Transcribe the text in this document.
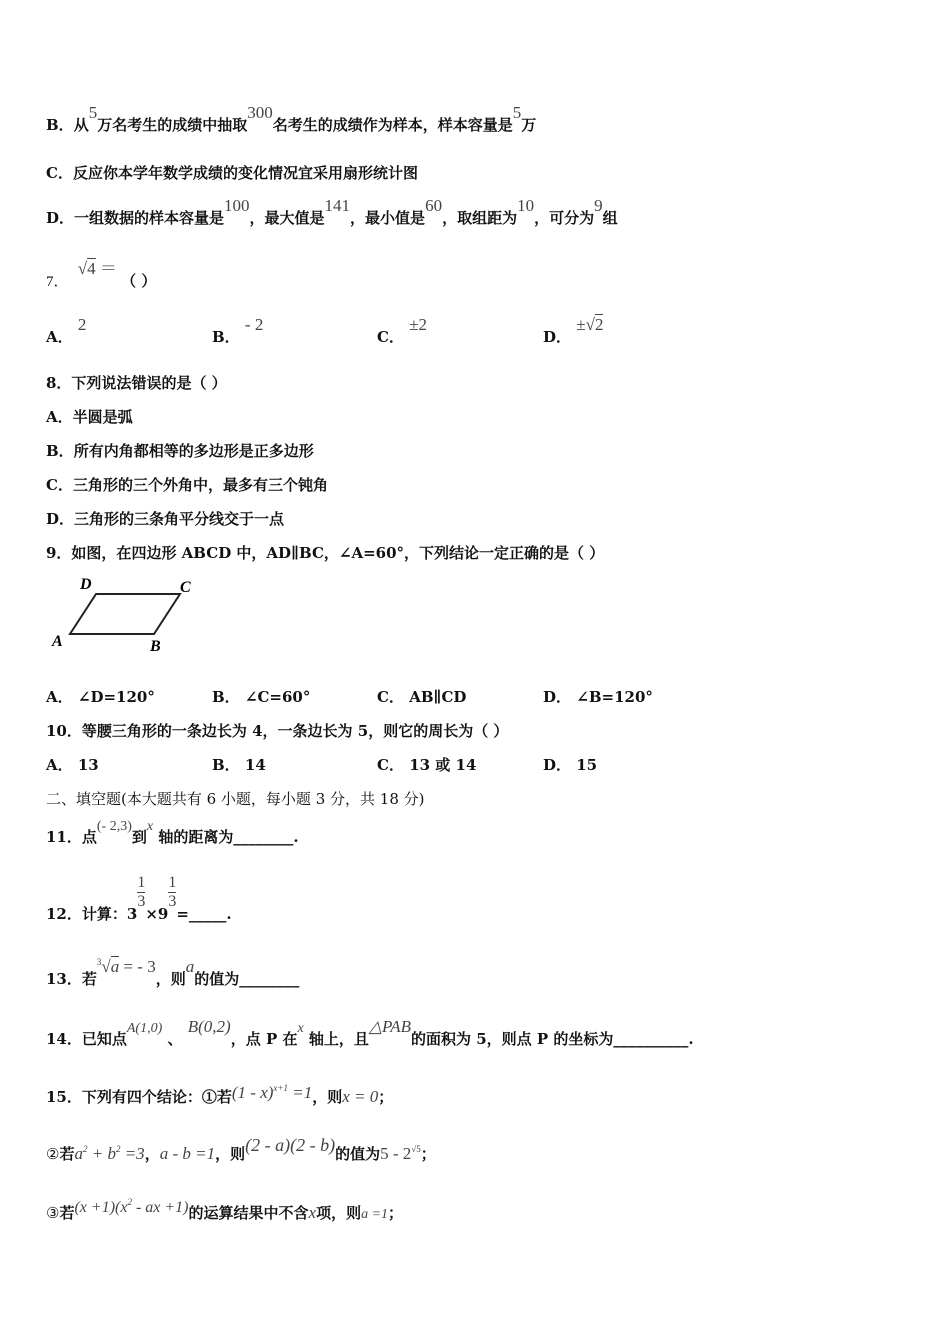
B．从5万名考生的成绩中抽取300名考生的成绩作为样本，样本容量是5万
C．反应你本学年数学成绩的变化情况宜采用扇形统计图
D．一组数据的样本容量是100，最大值是141，最小值是60，取组距为10，可分为9组
7． √4 ＝ （ ）
A． 2
B． - 2
C． ±2
D． ±√2
8．下列说法错误的是（ ）
A．半圆是弧
B．所有内角都相等的多边形是正多边形
C．三角形的三个外角中，最多有三个钝角
D．三角形的三条角平分线交于一点
9．如图，在四边形 ABCD 中，AD∥BC，∠A=60°，下列结论一定正确的是（ ）
D	C
A	B
A． ∠D=120°	B． ∠C=60°	C． AB∥CD	D． ∠B=120°
10．等腰三角形的一条边长为 4，一条边长为 5，则它的周长为（ ）
A． 13	B． 14	C． 13 或 14	D． 15
二、填空题(本大题共有 6 小题，每小题 3 分，共 18 分)
11．点(- 2,3)到x 轴的距离为________.
12．计算：3
$\frac{1}{3}$
×9
$\frac{1}{3}$
=_____.
13．若$^3$√a = - 3，则a的值为________
14．已知点A(1,0) 、 B(0,2)，点 P 在x 轴上，且△PAB的面积为 5，则点 P 的坐标为__________.
15．下列有四个结论：①若(1 - x)$^{x+1}$ =1，则x = 0；
②若$a^2 + b^2 =3$，a - b =1，则(2 - a)(2 - b)的值为$5 - 2^{√5}$；
③若$(x +1)(x^2$ - ax +1)的运算结果中不含x项，则a =1；
